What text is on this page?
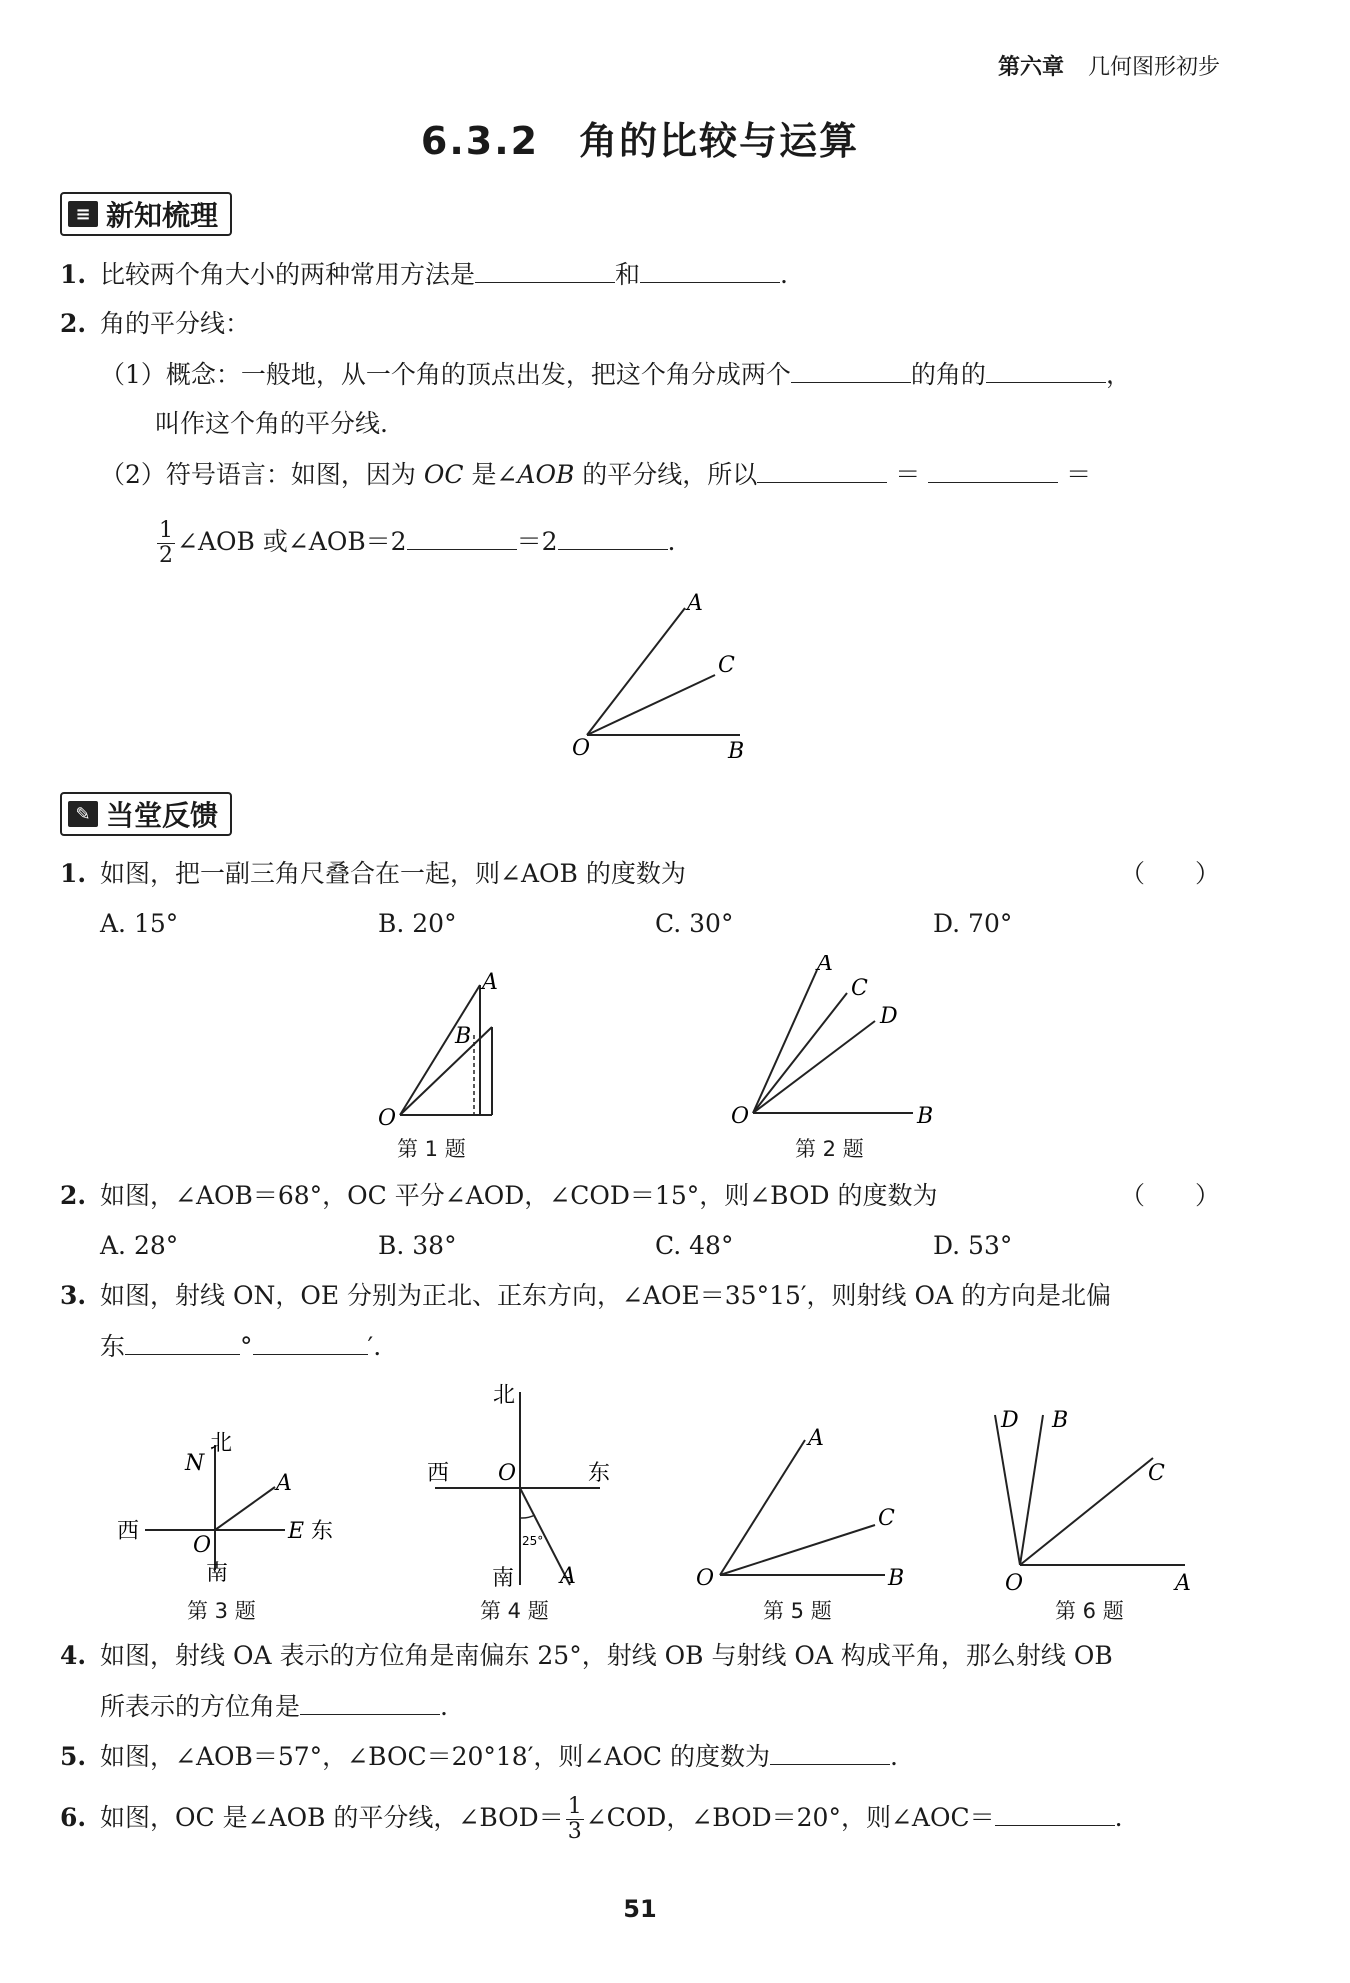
第六章 几何图形初步
6.3.2　角的比较与运算
≡ 新知梳理
1. 比较两个角大小的两种常用方法是	和	.
2. 角的平分线：
（1）概念：一般地，从一个角的顶点出发，把这个角分成两个	的角的	，
叫作这个角的平分线.
（2）符号语言：如图，因为 OC 是∠AOB 的平分线，所以	＝	＝
$\frac{1}{2}$ ∠AOB 或∠AOB＝2	＝2	.
A
C
O	B
✎ 当堂反馈
1. 如图，把一副三角尺叠合在一起，则∠AOB 的度数为	（　　）
A. 15°	B. 20°	C. 30°	D. 70°
A
B
O
第 1 题
A
C
D
O	B
第 2 题
2. 如图，∠AOB＝68°，OC 平分∠AOD，∠COD＝15°，则∠BOD 的度数为	（　　）
A. 28°	B. 38°	C. 48°	D. 53°
3. 如图，射线 ON，OE 分别为正北、正东方向，∠AOE＝35°15′，则射线 OA 的方向是北偏
东	°	′.
北
N
A
西	E 东
O
南
第 3 题
北
西 O	东
25°
南 A
第 4 题
A
C
O	B
第 5 题
D B
C
O	A
第 6 题
4. 如图，射线 OA 表示的方位角是南偏东 25°，射线 OB 与射线 OA 构成平角，那么射线 OB
所表示的方位角是	.
5. 如图，∠AOB＝57°，∠BOC＝20°18′，则∠AOC 的度数为	.
6. 如图，OC 是∠AOB 的平分线，∠BOD＝ $\frac{1}{3}$ ∠COD，∠BOD＝20°，则∠AOC＝	.
51
